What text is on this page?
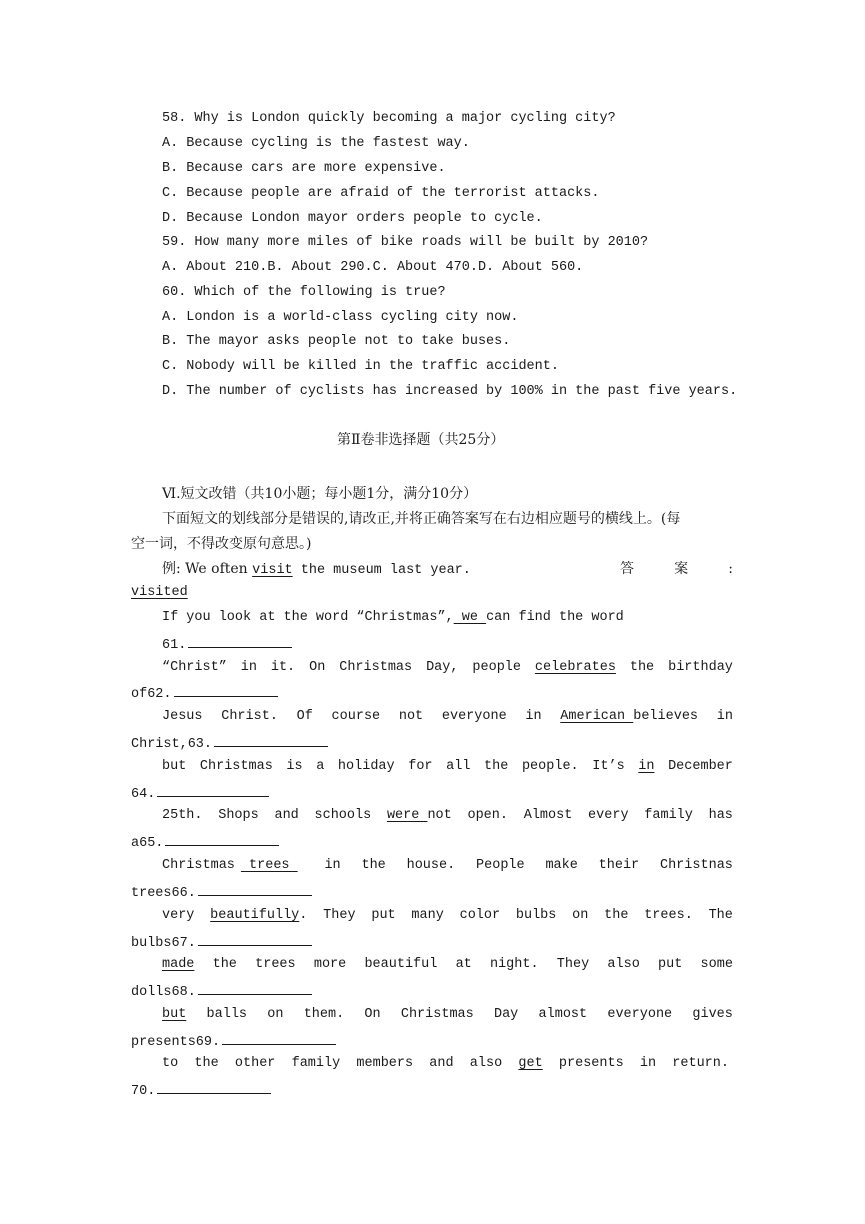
58. Why is London quickly becoming a major cycling city?
A. Because cycling is the fastest way.
B. Because cars are more expensive.
C. Because people are afraid of the terrorist attacks.
D. Because London mayor orders people to cycle.
59. How many more miles of bike roads will be built by 2010?
A. About 210.B. About 290.C. About 470.D. About 560.
60. Which of the following is true?
A. London is a world-class cycling city now.
B. The mayor asks people not to take buses.
C. Nobody will be killed in the traffic accident.
D. The number of cyclists has increased by 100% in the past five years.
第Ⅱ卷非选择题（共25分）
Ⅵ.短文改错（共10小题；每小题1分，满分10分）
下面短文的划线部分是错误的,请改正,并将正确答案写在右边相应题号的横线上。(每
空一词，不得改变原句意思。)
例: We often visit the museum last year.	答	案	:
visited
If you look at the word “Christmas”, we can find the word
61.
“Christ” in it. On Christmas Day, people celebrates the birthday
of62.
Jesus Christ. Of course not everyone in American believes in
Christ,63.
but Christmas is a holiday for all the people. It’s in December
64.
25th. Shops and schools were not open. Almost every family has
a65.
Christmas trees	in the house. People make their Christnas
trees66.
very beautifully. They put many color bulbs on the trees. The
bulbs67.
made the trees more beautiful at night. They also put some
dolls68.
but balls on them. On Christmas Day almost everyone gives
presents69.
to the other family members and also get presents in return.
70.
